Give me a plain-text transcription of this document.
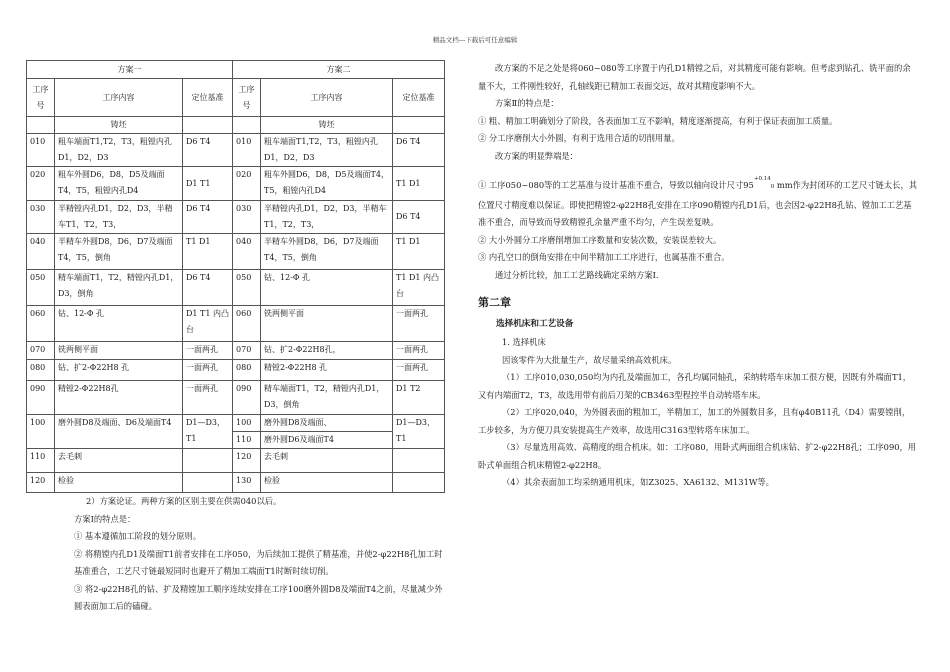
精品文档---下载后可任意编辑
方案一			方案二		
工序号	工序内容	定位基准	工序号	工序内容	定位基准
	铸坯			铸坯	
010	粗车端面T1,T2，T3，粗镗内孔D1，D2，D3	D6 T4	010	粗车端面T1,T2，T3，粗镗内孔D1，D2，D3	D6 T4
020	粗车外圆D6，D8，D5及端面T4，T5，粗镗内孔D4	D1 T1	020	粗车外圆D6，D8，D5及端面T4，T5，粗镗内孔D4	T1 D1
030	半精镗内孔D1，D2，D3，半精车T1，T2，T3，	D6 T4	030	半精镗内孔D1，D2，D3，半精车T1，T2，T3，	D6 T4
040	半精车外圆D8，D6，D7及端面T4，T5，倒角	T1 D1	040	半精车外圆D8，D6，D7及端面T4，T5，倒角	T1 D1
050	精车端面T1，T2，精镗内孔D1，D3，倒角	D6 T4	050	钻、12-Φ 孔	T1 D1 内凸台
060	钻、12-Φ 孔	D1 T1 内凸台	060	铣两侧平面	一面两孔
070	铣两侧平面	一面两孔	070	钻、扩2-Φ22H8孔，	一面两孔
080	钻、扩2-Φ22H8 孔	一面两孔	080	精镗2-Φ22H8 孔	一面两孔
090	精镗2-Φ22H8孔	一面两孔	090	精车端面T1，T2，精镗内孔D1，D3，倒角	D1 T2
100	磨外圆D8及端面、D6及端面T4	D1—D3，T1	100	磨外圆D8及端面、	D1—D3，T1
			110	磨外圆D6及端面T4	
110	去毛刺		120	去毛刺	
120	检验		130	检验	

2）方案论证。两种方案的区别主要在供需040以后。

方案Ⅰ的特点是：

① 基本遵循加工阶段的划分原则。

② 将精镗内孔D1及端面T1前者安排在工序050，为后续加工提供了精基准，并使2-φ22H8孔加工时基准重合，工艺尺寸链最短同时也避开了精加工端面T1时断时续切削。

③ 将2-φ22H8孔的钻、扩及精镗加工顺序连续安排在工序100磨外圆D8及端面T4之前，尽量减少外圆表面加工后的磕碰。

改方案的不足之处是将060~080等工序置于内孔D1精镗之后，对其精度可能有影响。但考虑到钻孔、铣平面的余量不大，工件刚性较好，孔轴线距已精加工表面交远，故对其精度影响不大。

方案Ⅱ的特点是：

① 粗、精加工明确划分了阶段，各表面加工互不影响，精度逐渐提高，有利于保证表面加工质量。

② 分工序磨削大小外圆，有利于选用合适的切削用量。

改方案的明显弊端是：

① 工序050~080等的工艺基准与设计基准不重合，导致以轴向设计尺寸$95^{+0.14}0$ mm作为封闭环的工艺尺寸链太长，其位置尺寸精度难以保证。即使把精镗2-φ22H8孔安排在工序090精镗内孔D1后，也会因2-φ22H8孔钻、镗加工工艺基准不重合，而导致而导致精镗孔余量严重不均匀，产生误差复映。

② 大小外圆分工序磨削增加工序数量和安装次数，安装误差较大。

③ 内孔空口的倒角安排在中间半精加工工序进行，也属基准不重合。

通过分析比较，加工工艺路线确定采纳方案Ⅰ.

第二章
选择机床和工艺设备

1. 选择机床

因该零件为大批量生产，故尽量采纳高效机床。

（1）工序010,030,050均为内孔及端面加工，各孔均属同轴孔，采纳转塔车床加工很方便，因既有外端面T1，又有内端面T2，T3，故选用带有前后刀架的CB3463型程控半自动转塔车床。

（2）工序020,040，为外圆表面的粗加工，半精加工，加工的外圆数目多，且有φ40B11孔（D4）需要镗削，工步较多，为方便刀具安装提高生产效率，故选用C3163型转塔车床加工。

（3）尽量选用高效、高精度的组合机床。如：工序080，用卧式两面组合机床钻、扩2-φ22H8孔；工序090，用卧式单面组合机床精镗2-φ22H8。

（4）其余表面加工均采纳通用机床，如Z3025、XA6132、M131W等。
